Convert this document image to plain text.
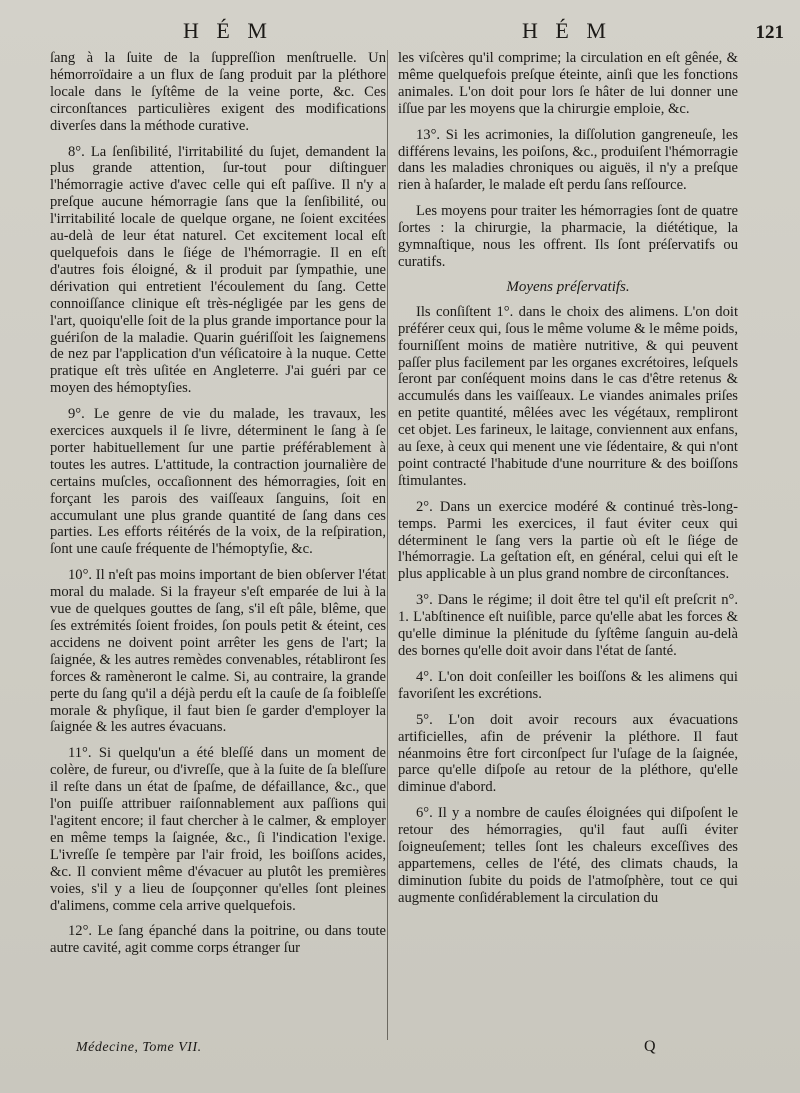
H É M	H É M	121

ſang à la ſuite de la ſuppreſſion menſtruelle. Un hémorroïdaire a un flux de ſang produit par la pléthore locale dans le ſyſtême de la veine porte, &c. Ces circonſtances particulières exigent des modifications diverſes dans la méthode curative.

8°. La ſenſibilité, l'irritabilité du ſujet, demandent la plus grande attention, ſur-tout pour diſtinguer l'hémorragie active d'avec celle qui eſt paſſive. Il n'y a preſque aucune hémorragie ſans que la ſenſibilité, ou l'irritabilité locale de quelque organe, ne ſoient excitées au-delà de leur état naturel. Cet excitement local eſt quelquefois dans le ſiége de l'hémorragie. Il en eſt d'autres fois éloigné, & il produit par ſympathie, une dérivation qui entretient l'écoulement du ſang. Cette connoiſſance clinique eſt très-négligée par les gens de l'art, quoiqu'elle ſoit de la plus grande importance pour la guériſon de la maladie. Quarin guériſſoit les ſaignemens de nez par l'application d'un véſicatoire à la nuque. Cette pratique eſt très uſitée en Angleterre. J'ai guéri par ce moyen des hémoptyſies.

9°. Le genre de vie du malade, les travaux, les exercices auxquels il ſe livre, déterminent le ſang à ſe porter habituellement ſur une partie préférablement à toutes les autres. L'attitude, la contraction journalière de certains muſcles, occaſionnent des hémorragies, ſoit en forçant les parois des vaiſſeaux ſanguins, ſoit en accumulant une plus grande quantité de ſang dans ces parties. Les efforts réitérés de la voix, de la reſpiration, ſont une cauſe fréquente de l'hémoptyſie, &c.

10°. Il n'eſt pas moins important de bien obſerver l'état moral du malade. Si la frayeur s'eſt emparée de lui à la vue de quelques gouttes de ſang, s'il eſt pâle, blême, que ſes extrémités ſoient froides, ſon pouls petit & éteint, ces accidens ne doivent point arrêter les gens de l'art; la ſaignée, & les autres remèdes convenables, rétabliront ſes forces & ramèneront le calme. Si, au contraire, la grande perte du ſang qu'il a déjà perdu eſt la cauſe de ſa foibleſſe morale & phyſique, il faut bien ſe garder d'employer la ſaignée & les autres évacuans.

11°. Si quelqu'un a été bleſſé dans un moment de colère, de fureur, ou d'ivreſſe, que à la ſuite de ſa bleſſure il reſte dans un état de ſpaſme, de défaillance, &c., que l'on puiſſe attribuer raiſonnablement aux paſſions qui l'agitent encore; il faut chercher à le calmer, & employer en même temps la ſaignée, &c., ſi l'indication l'exige. L'ivreſſe ſe tempère par l'air froid, les boiſſons acides, &c. Il convient même d'évacuer au plutôt les premières voies, s'il y a lieu de ſoupçonner qu'elles ſont pleines d'alimens, comme cela arrive quelquefois.

12°. Le ſang épanché dans la poitrine, ou dans toute autre cavité, agit comme corps étranger ſur

les viſcères qu'il comprime; la circulation en eſt gênée, & même quelquefois preſque éteinte, ainſi que les fonctions animales. L'on doit pour lors ſe hâter de lui donner une iſſue par les moyens que la chirurgie emploie, &c.

13°. Si les acrimonies, la diſſolution gangreneuſe, les différens levains, les poiſons, &c., produiſent l'hémorragie dans les maladies chroniques ou aiguës, il n'y a preſque rien à haſarder, le malade eſt perdu ſans reſſource.

Les moyens pour traiter les hémorragies ſont de quatre ſortes : la chirurgie, la pharmacie, la diététique, la gymnaſtique, nous les offrent. Ils ſont préſervatifs ou curatifs.

Moyens préſervatifs.

Ils conſiſtent 1°. dans le choix des alimens. L'on doit préférer ceux qui, ſous le même volume & le même poids, fourniſſent moins de matière nutritive, & qui peuvent paſſer plus facilement par les organes excrétoires, leſquels ſeront par conſéquent moins dans le cas d'être retenus & accumulés dans les vaiſſeaux. Le viandes animales priſes en petite quantité, mêlées avec les végétaux, rempliront cet objet. Les farineux, le laitage, conviennent aux enfans, au ſexe, à ceux qui menent une vie ſédentaire, & qui n'ont point contracté l'habitude d'une nourriture & des boiſſons ſtimulantes.

2°. Dans un exercice modéré & continué très-long-temps. Parmi les exercices, il faut éviter ceux qui déterminent le ſang vers la partie où eſt le ſiége de l'hémorragie. La geſtation eſt, en général, celui qui eſt le plus applicable à un plus grand nombre de circonſtances.

3°. Dans le régime; il doit être tel qu'il eſt preſcrit n°. 1. L'abſtinence eſt nuiſible, parce qu'elle abat les forces & qu'elle diminue la plénitude du ſyſtême ſanguin au-delà des bornes qu'elle doit avoir dans l'état de ſanté.

4°. L'on doit conſeiller les boiſſons & les alimens qui favoriſent les excrétions.

5°. L'on doit avoir recours aux évacuations artificielles, afin de prévenir la pléthore. Il faut néanmoins être fort circonſpect ſur l'uſage de la ſaignée, parce qu'elle diſpoſe au retour de la pléthore, qu'elle diminue d'abord.

6°. Il y a nombre de cauſes éloignées qui diſpoſent le retour des hémorragies, qu'il faut auſſi éviter ſoigneuſement; telles ſont les chaleurs exceſſives des appartemens, celles de l'été, des climats chauds, la diminution ſubite du poids de l'atmoſphère, tout ce qui augmente conſidérablement la circulation du

Médecine, Tome VII.	Q
